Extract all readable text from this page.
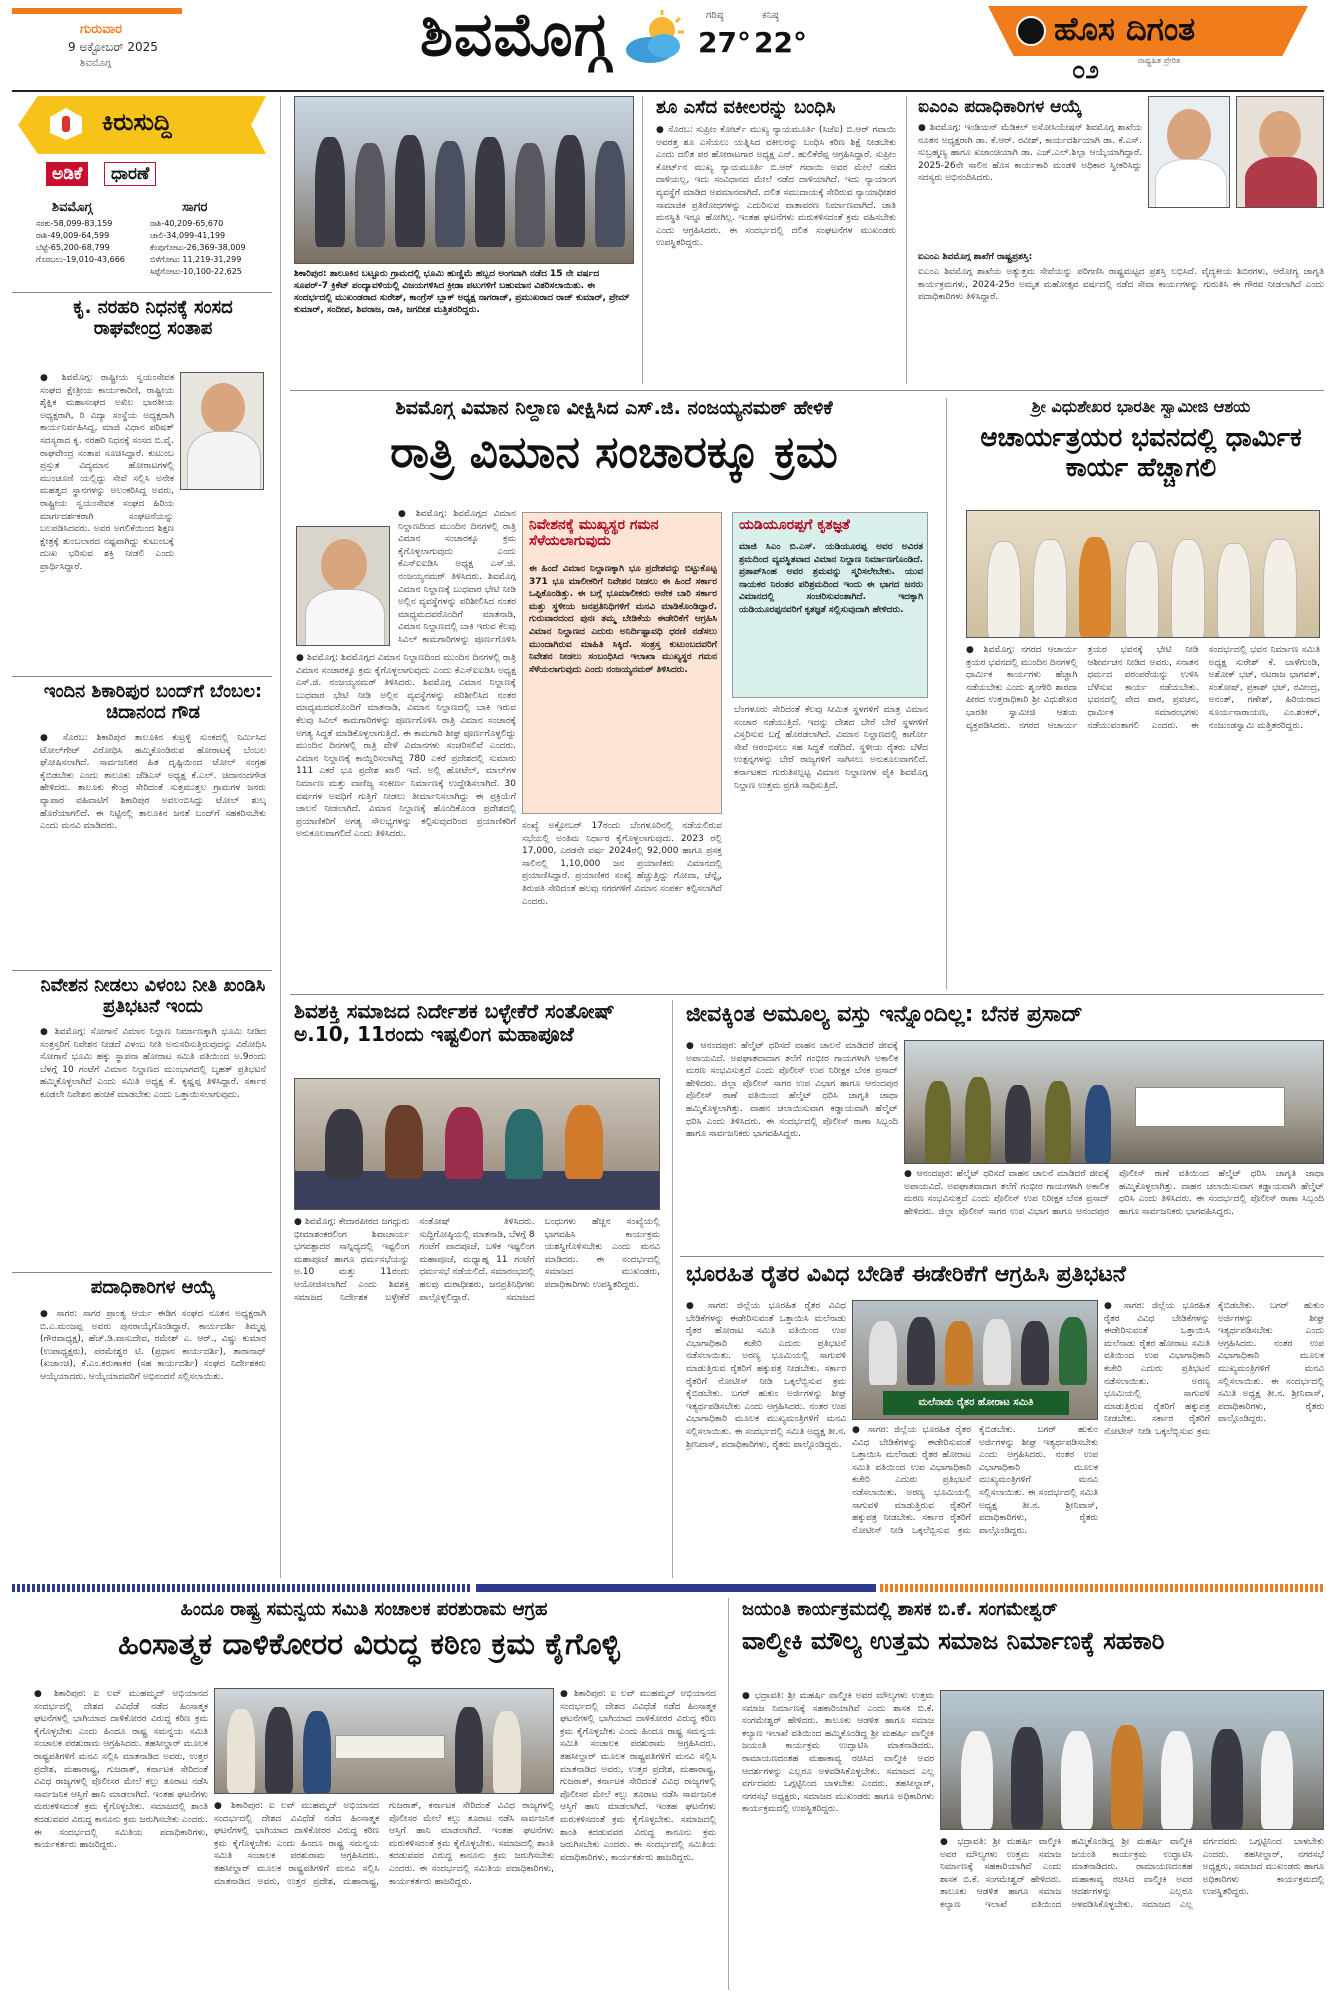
ಗುರುವಾರ
9 ಅಕ್ಟೋಬರ್ 2025
ಶಿವಮೊಗ್ಗ	ಶಿವಮೊಗ್ಗ	ಗರಿಷ್ಠ
27°
ಕನಿಷ್ಠ
22°	ಹೊಸ ದಿಗಂತ
ರಾಷ್ಟ್ರಹಿತ ಪ್ರೇರಿತ
೦೨
ಕಿರುಸುದ್ದಿ
ಅಡಿಕೆ	ಧಾರಣೆ
ಶಿವಮೊಗ್ಗ	ಸಾಗರ
ಸರಕು-58,099-83,159
ರಾಶಿ-49,009-64,599
ಬೆಟ್ಟೆ-65,200-68,799
ಗೊರಬಲು-19,010-43,666
ರಾಶಿ-40,209-65,670
ಚಾಲಿ-34,099-41,199
ಕೆಂಪುಗೋಟು-26,369-38,009
ಬಿಳೆಗೋಟು 11,219-31,299
ಸಿಪ್ಪೆಗೋಟು-10,100-22,625
ಕೃ. ನರಹರಿ ನಿಧನಕ್ಕೆ ಸಂಸದ ರಾಘವೇಂದ್ರ ಸಂತಾಪ
● ಶಿವಮೊಗ್ಗ: ರಾಷ್ಟ್ರೀಯ ಸ್ವಯಂಸೇವಕ ಸಂಘದ ಕ್ಷೇತ್ರೀಯ ಕಾರ್ಯಕಾರಿಣಿ, ರಾಷ್ಟ್ರೀಯ ಶೈಕ್ಷಿಕ ಮಹಾಸಂಘದ ಅಖಿಲ ಭಾರತೀಯ ಅಧ್ಯಕ್ಷರಾಗಿ, ರಿ ವಿದ್ಯಾ ಸಂಸ್ಥೆಯ ಅಧ್ಯಕ್ಷರಾಗಿ ಕಾರ್ಯನಿರ್ವಹಿಸಿದ್ದ, ಮಾಜಿ ವಿಧಾನ ಪರಿಷತ್ ಸದಸ್ಯರಾದ ಕೃ. ನರಹರಿ ನಿಧನಕ್ಕೆ ಸಂಸದ ಬಿ.ವೈ. ರಾಘವೇಂದ್ರ ಸಂತಾಪ ಸೂಚಿಸಿದ್ದಾರೆ. ಕುಟುಂಬ ಪ್ರಸ್ತುತ ವಿದ್ಯಮಾನ ಹೋರಾಟಗಳಲ್ಲಿ ಮುಂಚೂಣಿ ಯಲ್ಲಿದ್ದು ಸೇವೆ ಸಲ್ಲಿಸಿ ಅನೇಕ ಮಹತ್ವದ ಸ್ಥಾನಗಳನ್ನು ಅಲಂಕರಿಸಿದ್ದ ಅವರು, ರಾಷ್ಟ್ರೀಯ ಸ್ವಯಂಸೇವಕ ಸಂಘದ ಹಿರಿಯ ಮಾರ್ಗದರ್ಶಕರಾಗಿ ಸಂಘಟನೆಯನ್ನು ಬಲಪಡಿಸಿದವರು. ಅವರ ಅಗಲಿಕೆಯಿಂದ ಶಿಕ್ಷಣ ಕ್ಷೇತ್ರಕ್ಕೆ ತುಂಬಲಾರದ ನಷ್ಟವಾಗಿದ್ದು ಕುಟುಂಬಕ್ಕೆ ದುಃಖ ಭರಿಸುವ ಶಕ್ತಿ ನೀಡಲಿ ಎಂದು ಪ್ರಾರ್ಥಿಸಿದ್ದಾರೆ.
ಇಂದಿನ ಶಿಕಾರಿಪುರ ಬಂದ್‌ಗೆ ಬೆಂಬಲ: ಚಿದಾನಂದ ಗೌಡ
● ಸೊರಬ: ಶಿಕಾರಿಪುರ ತಾಲೂಕಿನ ಕುಟ್ರಳ್ಳಿ ಸುಂಕದಲ್ಲಿ ನಿರ್ಮಿಸಿದ ಟೋಲ್‌ಗೇಟ್ ವಿರೋಧಿಸಿ ಹಮ್ಮಿಕೊಂಡಿರುವ ಹೋರಾಟಕ್ಕೆ ಬೆಂಬಲ ಘೋಷಿಸಲಾಗಿದೆ. ಸಾರ್ವಜನಿಕರ ಹಿತ ದೃಷ್ಟಿಯಿಂದ ಟೋಲ್ ಸಂಗ್ರಹ ಕೈಬಿಡಬೇಕು ಎಂದು ತಾಲೂಕು ಜೆಡಿಎಸ್ ಅಧ್ಯಕ್ಷ ಕೆ.ಎಲ್. ಚಿದಾನಂದಗೌಡ ಹೇಳಿದರು. ತಾಲೂಕು ಕೇಂದ್ರ ಸೇರಿದಂತೆ ಸುತ್ತಮುತ್ತಲ ಗ್ರಾಮಗಳ ಜನರು ವ್ಯಾಪಾರ ವಹಿವಾಟಿಗೆ ಶಿಕಾರಿಪುರ ಅವಲಂಬಿಸಿದ್ದು ಟೋಲ್ ಶುಲ್ಕ ಹೊರೆಯಾಗಲಿದೆ. ಈ ನಿಟ್ಟಿನಲ್ಲಿ ತಾಲೂಕಿನ ಜನತೆ ಬಂದ್‌ಗೆ ಸಹಕರಿಸಬೇಕು ಎಂದು ಮನವಿ ಮಾಡಿದರು.
ನಿವೇಶನ ನೀಡಲು ವಿಳಂಬ ನೀತಿ ಖಂಡಿಸಿ ಪ್ರತಿಭಟನೆ ಇಂದು
● ಶಿವಮೊಗ್ಗ: ಸೋಗಾನೆ ವಿಮಾನ ನಿಲ್ದಾಣ ನಿರ್ಮಾಣಕ್ಕಾಗಿ ಭೂಮಿ ನೀಡಿದ ಸಂತ್ರಸ್ತರಿಗೆ ನಿವೇಶನ ನೀಡದೆ ವಿಳಂಬ ನೀತಿ ಅನುಸರಿಸುತ್ತಿರುವುದನ್ನು ವಿರೋಧಿಸಿ ಸೋಗಾನೆ ಭೂಮಿ ಹಕ್ಕು ಸ್ಥಾಪನಾ ಹೋರಾಟ ಸಮಿತಿ ವತಿಯಿಂದ ಅ.9ರಂದು ಬೆಳಗ್ಗೆ 10 ಗಂಟೆಗೆ ವಿಮಾನ ನಿಲ್ದಾಣದ ಮುಂಭಾಗದಲ್ಲಿ ಬೃಹತ್ ಪ್ರತಿಭಟನೆ ಹಮ್ಮಿಕೊಳ್ಳಲಾಗಿದೆ ಎಂದು ಸಮಿತಿ ಅಧ್ಯಕ್ಷ ಕೆ. ಕೃಷ್ಣಪ್ಪ ತಿಳಿಸಿದ್ದಾರೆ. ಸರ್ಕಾರ ಕೂಡಲೇ ನಿವೇಶನ ಹಂಚಿಕೆ ಮಾಡಬೇಕು ಎಂದು ಒತ್ತಾಯಿಸಲಾಗುವುದು.
ಪದಾಧಿಕಾರಿಗಳ ಆಯ್ಕೆ
● ಸಾಗರ: ಸಾಗರ ಪ್ರಾಂತ್ಯ ಆರ್ಯ ಈಡಿಗ ಸಂಘದ ನೂತನ ಅಧ್ಯಕ್ಷರಾಗಿ ಬಿ.ಎ.ಮಂಜಪ್ಪ ಅವರು ಪುನರಾಯ್ಕೆಗೊಂಡಿದ್ದಾರೆ. ಕಾರ್ಯದರ್ಶಿ ತಿಮ್ಮಪ್ಪ (ಗೌರವಾಧ್ಯಕ್ಷ), ಹೆಚ್.ಡಿ.ವಾಸುದೇವ, ರಮೇಶ್ ಎ. ಆರ್., ವಿಷ್ಣು ಕುಮಾರ (ಉಪಾಧ್ಯಕ್ಷರು), ಪರಮೇಶ್ವರ ಟಿ. (ಪ್ರಧಾನ ಕಾರ್ಯದರ್ಶಿ), ತಾರಾನಾಥ್ (ಖಜಾಂಚಿ), ಕೆ.ಎಂ.ಕರುಣಾಕರ (ಸಹ ಕಾರ್ಯದರ್ಶಿ) ಸಂಘದ ನಿರ್ದೇಶಕರು ಆಯ್ಕೆಯಾದರು. ಆಯ್ಕೆಯಾದವರಿಗೆ ಅಭಿನಂದನೆ ಸಲ್ಲಿಸಲಾಯಿತು.
ಶಿಕಾರಿಪುರ: ತಾಲೂಕಿನ ಬಟ್ಟೂರು ಗ್ರಾಮದಲ್ಲಿ ಭೂಮಿ ಹುಣ್ಣಿಮೆ ಹಬ್ಬದ ಅಂಗವಾಗಿ ನಡೆದ 15 ನೇ ವರ್ಷದ ಸೂಪರ್-7 ಕ್ರಿಕೆಟ್ ಪಂದ್ಯಾವಳಿಯಲ್ಲಿ ವಿಜಯಗಳಿಸಿದ ಕ್ರೀಡಾ ಪಟುಗಳಿಗೆ ಬಹುಮಾನ ವಿತರಿಸಲಾಯಿತು. ಈ ಸಂದರ್ಭದಲ್ಲಿ ಮುಖಂಡರಾದ ಸುರೇಶ್, ಕಾಂಗ್ರೆಸ್ ಬ್ಲಾಕ್ ಅಧ್ಯಕ್ಷ ನಾಗರಾಜ್, ಪ್ರಮುಖರಾದ ರಾಜ್ ಕುಮಾರ್, ಪ್ರೇಮ್ ಕುಮಾರ್, ಸಂದೀಪ, ಶಿವರಾಜ, ರಾಕಿ, ಜಗದೀಶ ಮತ್ತಿತರರಿದ್ದರು.
ಶೂ ಎಸೆದ ವಕೀಲರನ್ನು ಬಂಧಿಸಿ
● ಸೊರಬ: ಸುಪ್ರೀಂ ಕೋರ್ಟ್ ಮುಖ್ಯ ನ್ಯಾಯಮೂರ್ತಿ (ಸಿಜೆಐ) ಬಿ.ಆರ್ ಗವಾಯಿ ಅವರತ್ತ ಶೂ ಎಸೆಯಲು ಯತ್ನಿಸಿದ ವಕೀಲರನ್ನು ಬಂಧಿಸಿ ಕಠಿಣ ಶಿಕ್ಷೆ ನೀಡಬೇಕು ಎಂದು ದಲಿತ ಪರ ಹೋರಾಟಗಾರ ಅಧ್ಯಕ್ಷ ಎನ್. ಹುಲಿಕೆರೆಪ್ಪ ಆಗ್ರಹಿಸಿದ್ದಾರೆ. ಸುಪ್ರೀಂ ಕೋರ್ಟ್‌ನ ಮುಖ್ಯ ನ್ಯಾಯಮೂರ್ತಿ ಬಿ.ಆರ್ ಗವಾಯಿ ಅವರ ಮೇಲೆ ನಡೆದ ದಾಳಿಯಲ್ಲ, ಇದು ಸಂವಿಧಾನದ ಮೇಲೆ ನಡೆದ ದಾಳಿಯಾಗಿದೆ. ಇದು ನ್ಯಾಯಾಂಗ ವ್ಯವಸ್ಥೆಗೆ ಮಾಡಿದ ಅವಮಾನವಾಗಿದೆ. ದಲಿತ ಸಮುದಾಯಕ್ಕೆ ಸೇರಿರುವ ನ್ಯಾಯಾಧೀಶರ ಸಾಮಾಜಿಕ ಪ್ರತಿರೋಧಗಳನ್ನು ಎದುರಿಸುವ ವಾತಾವರಣ ನಿರ್ಮಾಣವಾಗಿದೆ. ಜಾತಿ ಮನಸ್ಥಿತಿ ಇನ್ನೂ ಹೋಗಿಲ್ಲ. ಇಂತಹ ಘಟನೆಗಳು ಮರುಕಳಿಸದಂತೆ ಕ್ರಮ ವಹಿಸಬೇಕು ಎಂದು ಆಗ್ರಹಿಸಿದರು. ಈ ಸಂದರ್ಭದಲ್ಲಿ ದಲಿತ ಸಂಘಟನೆಗಳ ಮುಖಂಡರು ಉಪಸ್ಥಿತರಿದ್ದರು.
ಐಎಂಎ ಪದಾಧಿಕಾರಿಗಳ ಆಯ್ಕೆ
● ಶಿವಮೊಗ್ಗ: ಇಂಡಿಯನ್ ಮೆಡಿಕಲ್ ಅಸೋಸಿಯೇಷನ್ ಶಿವಮೊಗ್ಗ ಶಾಖೆಯ ನೂತನ ಅಧ್ಯಕ್ಷರಾಗಿ ಡಾ. ಕೆ.ಆರ್. ರವೀಶ್, ಕಾರ್ಯದರ್ಶಿಯಾಗಿ ಡಾ. ಕೆ.ಎಸ್. ಸುಬ್ರಹ್ಮಣ್ಯ ಹಾಗೂ ಖಜಾಂಚಿಯಾಗಿ ಡಾ. ಎಚ್.ಎಲ್.ಶಿಲ್ಪಾ ಆಯ್ಕೆಯಾಗಿದ್ದಾರೆ. 2025-26ನೇ ಸಾಲಿನ ಹೊಸ ಕಾರ್ಯಕಾರಿ ಮಂಡಳಿ ಅಧಿಕಾರ ಸ್ವೀಕರಿಸಿದ್ದು ಸದಸ್ಯರು ಅಭಿನಂದಿಸಿದರು.
ಐಎಂಎ ಶಿವಮೊಗ್ಗ ಶಾಖೆಗೆ ರಾಷ್ಟ್ರಪ್ರಶಸ್ತಿ:
ಐಎಂಎ ಶಿವಮೊಗ್ಗ ಶಾಖೆಯ ಅತ್ಯುತ್ತಮ ಸೇವೆಯನ್ನು ಪರಿಗಣಿಸಿ ರಾಷ್ಟ್ರಮಟ್ಟದ ಪ್ರಶಸ್ತಿ ಲಭಿಸಿದೆ. ವೈದ್ಯಕೀಯ ಶಿಬಿರಗಳು, ಆರೋಗ್ಯ ಜಾಗೃತಿ ಕಾರ್ಯಕ್ರಮಗಳು, 2024-25ರ ಅಮೃತ ಮಹೋತ್ಸವ ವರ್ಷದಲ್ಲಿ ನಡೆದ ಸೇವಾ ಕಾರ್ಯಗಳನ್ನು ಗುರುತಿಸಿ ಈ ಗೌರವ ನೀಡಲಾಗಿದೆ ಎಂದು ಪದಾಧಿಕಾರಿಗಳು ತಿಳಿಸಿದ್ದಾರೆ.
ಶಿವಮೊಗ್ಗ ವಿಮಾನ ನಿಲ್ದಾಣ ವೀಕ್ಷಿಸಿದ ಎಸ್.ಜಿ. ನಂಜಯ್ಯನಮಠ್ ಹೇಳಿಕೆ
ರಾತ್ರಿ ವಿಮಾನ ಸಂಚಾರಕ್ಕೂ ಕ್ರಮ
● ಶಿವಮೊಗ್ಗ: ಶಿವಮೊಗ್ಗದ ವಿಮಾನ ನಿಲ್ದಾಣದಿಂದ ಮುಂದಿನ ದಿನಗಳಲ್ಲಿ ರಾತ್ರಿ ವಿಮಾನ ಸಂಚಾರಕ್ಕೂ ಕ್ರಮ ಕೈಗೊಳ್ಳಲಾಗುವುದು ಎಂದು ಕೆಎಸ್‌ಐಐಡಿಸಿ ಅಧ್ಯಕ್ಷ ಎಸ್.ಜಿ. ನಂಜಯ್ಯನಮಠ್ ತಿಳಿಸಿದರು. ಶಿವಮೊಗ್ಗ ವಿಮಾನ ನಿಲ್ದಾಣಕ್ಕೆ ಬುಧವಾರ ಭೇಟಿ ನೀಡಿ ಅಲ್ಲಿನ ವ್ಯವಸ್ಥೆಗಳನ್ನು ಪರಿಶೀಲಿಸಿದ ನಂತರ ಮಾಧ್ಯಮದವರೊಂದಿಗೆ ಮಾತನಾಡಿ, ವಿಮಾನ ನಿಲ್ದಾಣದಲ್ಲಿ ಬಾಕಿ ಇರುವ ಕೆಲವು ಸಿವಿಲ್ ಕಾಮಗಾರಿಗಳನ್ನು ಪೂರ್ಣಗೊಳಿಸಿ
● ಶಿವಮೊಗ್ಗ: ಶಿವಮೊಗ್ಗದ ವಿಮಾನ ನಿಲ್ದಾಣದಿಂದ ಮುಂದಿನ ದಿನಗಳಲ್ಲಿ ರಾತ್ರಿ ವಿಮಾನ ಸಂಚಾರಕ್ಕೂ ಕ್ರಮ ಕೈಗೊಳ್ಳಲಾಗುವುದು ಎಂದು ಕೆಎಸ್‌ಐಐಡಿಸಿ ಅಧ್ಯಕ್ಷ ಎಸ್.ಜಿ. ನಂಜಯ್ಯನಮಠ್ ತಿಳಿಸಿದರು. ಶಿವಮೊಗ್ಗ ವಿಮಾನ ನಿಲ್ದಾಣಕ್ಕೆ ಬುಧವಾರ ಭೇಟಿ ನೀಡಿ ಅಲ್ಲಿನ ವ್ಯವಸ್ಥೆಗಳನ್ನು ಪರಿಶೀಲಿಸಿದ ನಂತರ ಮಾಧ್ಯಮದವರೊಂದಿಗೆ ಮಾತನಾಡಿ, ವಿಮಾನ ನಿಲ್ದಾಣದಲ್ಲಿ ಬಾಕಿ ಇರುವ ಕೆಲವು ಸಿವಿಲ್ ಕಾಮಗಾರಿಗಳನ್ನು ಪೂರ್ಣಗೊಳಿಸಿ ರಾತ್ರಿ ವಿಮಾನ ಸಂಚಾರಕ್ಕೆ ಅಗತ್ಯ ಸಿದ್ಧತೆ ಮಾಡಿಕೊಳ್ಳಲಾಗುತ್ತಿದೆ. ಈ ಕಾಮಗಾರಿ ಶೀಘ್ರ ಪೂರ್ಣಗೊಳ್ಳಲಿದ್ದು ಮುಂದಿನ ದಿನಗಳಲ್ಲಿ ರಾತ್ರಿ ವೇಳೆ ವಿಮಾನಗಳು ಸಂಚರಿಸಲಿವೆ ಎಂದರು. ವಿಮಾನ ನಿಲ್ದಾಣಕ್ಕೆ ಕಾಯ್ದಿರಿಸಲಾಗಿದ್ದ 780 ಎಕರೆ ಪ್ರದೇಶದಲ್ಲಿ ಸುಮಾರು 111 ಎಕರೆ ಭೂ ಪ್ರದೇಶ ಖಾಲಿ ಇದೆ. ಅಲ್ಲಿ ಹೋಟೆಲ್, ಮಾಲ್‌ಗಳ ನಿರ್ಮಾಣ ಮತ್ತು ವಾಣಿಜ್ಯ ಸಂಕೀರ್ಣ ನಿರ್ಮಾಣಕ್ಕೆ ಉದ್ದೇಶಿಸಲಾಗಿದೆ. 30 ವರ್ಷಗಳ ಅವಧಿಗೆ ಗುತ್ತಿಗೆ ನೀಡಲು ತೀರ್ಮಾನಿಸಲಾಗಿದ್ದು ಈ ಪ್ರಕ್ರಿಯೆಗೆ ಚಾಲನೆ ನೀಡಲಾಗಿದೆ. ವಿಮಾನ ನಿಲ್ದಾಣಕ್ಕೆ ಹೊಂದಿಕೊಂಡ ಪ್ರದೇಶದಲ್ಲಿ ಪ್ರಯಾಣಿಕರಿಗೆ ಅಗತ್ಯ ಸೌಲಭ್ಯಗಳನ್ನು ಕಲ್ಪಿಸುವುದರಿಂದ ಪ್ರಯಾಣಿಕರಿಗೆ ಅನುಕೂಲವಾಗಲಿದೆ ಎಂದು ತಿಳಿಸಿದರು.
ನಿವೇಶನಕ್ಕೆ ಮುಖ್ಯಸ್ಥರ ಗಮನ ಸೆಳೆಯಲಾಗುವುದು
ಈ ಹಿಂದೆ ವಿಮಾನ ನಿಲ್ದಾಣಕ್ಕಾಗಿ ಭೂ ಪ್ರದೇಶವನ್ನು ಬಿಟ್ಟುಕೊಟ್ಟ 371 ಭೂ ಮಾಲೀಕರಿಗೆ ನಿವೇಶನ ನೀಡಲು ಈ ಹಿಂದೆ ಸರ್ಕಾರ ಒಪ್ಪಿಕೊಂಡಿತ್ತು. ಈ ಬಗ್ಗೆ ಭೂಮಾಲೀಕರು ಅನೇಕ ಬಾರಿ ಸರ್ಕಾರ ಮತ್ತು ಸ್ಥಳೀಯ ಜನಪ್ರತಿನಿಧಿಗಳಿಗೆ ಮನವಿ ಮಾಡಿಕೊಂಡಿದ್ದಾರೆ. ಗುರುವಾರದಂದ ಪುನಃ ತಮ್ಮ ಬೇಡಿಕೆಯ ಈಡೇರಿಕೆಗೆ ಆಗ್ರಹಿಸಿ ವಿಮಾನ ನಿಲ್ದಾಣದ ಎದುರು ಅನಿರ್ದಿಷ್ಟಾವಧಿ ಧರಣಿ ನಡೆಸಲು ಮುಂದಾಗಿರುವ ಮಾಹಿತಿ ಸಿಕ್ಕಿದೆ. ಸಂತ್ರಸ್ತ ಕುಟುಂಬದವರಿಗೆ ನಿವೇಶನ ನೀಡಲು ಸಂಬಂಧಿಸಿದ ಇಲಾಖಾ ಮುಖ್ಯಸ್ಥರ ಗಮನ ಸೆಳೆಯಲಾಗುವುದು ಎಂದು ನಂಜಯ್ಯನಮಠ್ ತಿಳಿಸಿದರು.
ಯಡಿಯೂರಪ್ಪಗೆ ಕೃತಜ್ಞತೆ
ಮಾಜಿ ಸಿಎಂ ಬಿ.ಎಸ್. ಯಡಿಯೂರಪ್ಪ ಅವರ ಅವಿರತ ಶ್ರಮದಿಂದ ವ್ಯವಸ್ಥಿತವಾದ ವಿಮಾನ ನಿಲ್ದಾಣ ನಿರ್ಮಾಣಗೊಂಡಿದೆ. ಪ್ರತಾಪ್‌ಸಿಂಹ ಅವರ ಶ್ರಮವನ್ನು ಸ್ಮರಿಸಲೇಬೇಕು. ಯುವ ನಾಯಕರ ನಿರಂತರ ಪರಿಶ್ರಮದಿಂದ ಇಂದು ಈ ಭಾಗದ ಜನರು ವಿಮಾನದಲ್ಲಿ ಸಂಚರಿಸುವಂತಾಗಿದೆ. ಇದಕ್ಕಾಗಿ ಯಡಿಯೂರಪ್ಪನವರಿಗೆ ಕೃತಜ್ಞತೆ ಸಲ್ಲಿಸುವುದಾಗಿ ಹೇಳಿದರು.
ಬೆಂಗಳೂರು ಸೇರಿದಂತೆ ಕೆಲವು ಸೀಮಿತ ಸ್ಥಳಗಳಿಗೆ ಮಾತ್ರ ವಿಮಾನ ಸಂಚಾರ ನಡೆಯುತ್ತಿದೆ. ಇದನ್ನು ದೇಶದ ಬೇರೆ ಬೇರೆ ಸ್ಥಳಗಳಿಗೆ ವಿಸ್ತರಿಸುವ ಬಗ್ಗೆ ಹೊರಡಲಾಗಿದೆ. ವಿಮಾನ ನಿಲ್ದಾಣದಲ್ಲಿ ಕಾರ್ಗೋ ಸೇವೆ ಆರಂಭಿಸಲು ಸಹ ಸಿದ್ಧತೆ ನಡೆದಿದೆ. ಸ್ಥಳೀಯ ರೈತರು ಬೆಳೆದ ಉತ್ಪನ್ನಗಳನ್ನು ಬೇರೆ ರಾಜ್ಯಗಳಿಗೆ ಸಾಗಿಸಲು ಅನುಕೂಲವಾಗಲಿದೆ. ಕರ್ನಾಟಕದ ಗುರುತಿಸಲ್ಪಟ್ಟ ವಿಮಾನ ನಿಲ್ದಾಣಗಳ ಪೈಕಿ ಶಿವಮೊಗ್ಗ ನಿಲ್ದಾಣ ಉತ್ತಮ ಪ್ರಗತಿ ಸಾಧಿಸುತ್ತಿದೆ.
ಸಂಖ್ಯೆ ಅಕ್ಟೋಬರ್ 17ರಂದು ಬೆಂಗಳೂರಿನಲ್ಲಿ ನಡೆಯಲಿರುವ ಸಭೆಯಲ್ಲಿ ಅಂತಿಮ ನಿರ್ಧಾರ ಕೈಗೊಳ್ಳಲಾಗುವುದು. 2023 ರಲ್ಲಿ 17,000, ಎರಡನೇ ವರ್ಷ 2024ರಲ್ಲಿ 92,000 ಹಾಗೂ ಪ್ರಸಕ್ತ ಸಾಲಿನಲ್ಲಿ 1,10,000 ಜನ ಪ್ರಯಾಣಿಕರು ವಿಮಾನದಲ್ಲಿ ಪ್ರಯಾಣಿಸಿದ್ದಾರೆ. ಪ್ರಯಾಣಿಕರ ಸಂಖ್ಯೆ ಹೆಚ್ಚುತ್ತಿದ್ದು ಗೋವಾ, ಚೆನ್ನೈ, ತಿರುಪತಿ ಸೇರಿದಂತೆ ಹಲವು ನಗರಗಳಿಗೆ ವಿಮಾನ ಸಂಪರ್ಕ ಕಲ್ಪಿಸಲಾಗಿದೆ ಎಂದರು.
ಶ್ರೀ ವಿಧುಶೇಖರ ಭಾರತೀ ಸ್ವಾಮೀಜಿ ಆಶಯ
ಆಚಾರ್ಯತ್ರಯರ ಭವನದಲ್ಲಿ ಧಾರ್ಮಿಕ ಕಾರ್ಯ ಹೆಚ್ಚಾಗಲಿ
● ಶಿವಮೊಗ್ಗ: ನಗರದ ಆಚಾರ್ಯ ತ್ರಯರ ಭವನದಲ್ಲಿ ಮುಂದಿನ ದಿನಗಳಲ್ಲಿ ಧಾರ್ಮಿಕ ಕಾರ್ಯಗಳು ಹೆಚ್ಚಾಗಿ ನಡೆಯಬೇಕು ಎಂದು ಶೃಂಗೇರಿ ಶಾರದಾ ಪೀಠದ ಉತ್ತರಾಧಿಕಾರಿ ಶ್ರೀ ವಿಧುಶೇಖರ ಭಾರತೀ ಸ್ವಾಮೀಜಿ ಆಶಯ ವ್ಯಕ್ತಪಡಿಸಿದರು. ನಗರದ ಆಚಾರ್ಯ ತ್ರಯರ ಭವನಕ್ಕೆ ಭೇಟಿ ನೀಡಿ ಆಶೀರ್ವಚನ ನೀಡಿದ ಅವರು, ಸನಾತನ ಧರ್ಮದ ಪರಂಪರೆಯನ್ನು ಉಳಿಸಿ ಬೆಳೆಸುವ ಕಾರ್ಯ ನಡೆಯಬೇಕು. ಭವನದಲ್ಲಿ ವೇದ ಪಾಠ, ಪ್ರವಚನ, ಧಾರ್ಮಿಕ ಸಮಾರಂಭಗಳು ನಡೆಯುವಂತಾಗಲಿ ಎಂದರು. ಈ ಸಂದರ್ಭದಲ್ಲಿ ಭವನ ನಿರ್ಮಾಣ ಸಮಿತಿ ಅಧ್ಯಕ್ಷ ಸುರೇಶ್ ಕೆ. ಬಾಳೆಗುಂಡಿ, ಅಶೋಕ್ ಭಟ್, ನಟರಾಜ ಭಾಗವತ್, ಸಂತೋಷ್, ಪ್ರಕಾಶ್ ಭಟ್, ರವೀಂದ್ರ, ಅನಂತ್, ಗಣೇಶ್, ಹಿರಿಯರಾದ ಸೂರ್ಯನಾರಾಯಣ, ಎಂ.ಶಂಕರ್, ನಂಜುಂಡಸ್ವಾಮಿ ಮತ್ತಿತರರಿದ್ದರು.
ಶಿವಶಕ್ತಿ ಸಮಾಜದ ನಿರ್ದೇಶಕ ಬಳ್ಳೇಕೆರೆ ಸಂತೋಷ್ ಅ.10, 11ರಂದು ಇಷ್ಟಲಿಂಗ ಮಹಾಪೂಜೆ
● ಶಿವಮೊಗ್ಗ: ಕೇದಾರಪೀಠದ ಜಗದ್ಗುರು ಭೀಮಾಶಂಕರಲಿಂಗ ಶಿವಾಚಾರ್ಯ ಭಗವತ್ಪಾದರ ಸಾನ್ನಿಧ್ಯದಲ್ಲಿ ಇಷ್ಟಲಿಂಗ ಮಹಾಪೂಜೆ ಹಾಗೂ ಧರ್ಮಸಭೆಯನ್ನು ಅ.10 ಮತ್ತು 11ರಂದು ಆಯೋಜಿಸಲಾಗಿದೆ ಎಂದು ಶಿವಶಕ್ತಿ ಸಮಾಜದ ನಿರ್ದೇಶಕ ಬಳ್ಳೇಕೆರೆ ಸಂತೋಷ್ ತಿಳಿಸಿದರು. ಸುದ್ದಿಗೋಷ್ಠಿಯಲ್ಲಿ ಮಾತನಾಡಿ, ಬೆಳಗ್ಗೆ 8 ಗಂಟೆಗೆ ಪಾದಪೂಜೆ, ಬಳಿಕ ಇಷ್ಟಲಿಂಗ ಮಹಾಪೂಜೆ, ಮಧ್ಯಾಹ್ನ 11 ಗಂಟೆಗೆ ಧರ್ಮಸಭೆ ನಡೆಯಲಿದೆ. ಸಮಾರಂಭದಲ್ಲಿ ಹಲವು ಮಠಾಧೀಶರು, ಜನಪ್ರತಿನಿಧಿಗಳು ಪಾಲ್ಗೊಳ್ಳಲಿದ್ದಾರೆ. ಸಮಾಜದ ಬಂಧುಗಳು ಹೆಚ್ಚಿನ ಸಂಖ್ಯೆಯಲ್ಲಿ ಭಾಗವಹಿಸಿ ಕಾರ್ಯಕ್ರಮ ಯಶಸ್ವಿಗೊಳಿಸಬೇಕು ಎಂದು ಮನವಿ ಮಾಡಿದರು. ಈ ಸಂದರ್ಭದಲ್ಲಿ ಸಮಾಜದ ಮುಖಂಡರು, ಪದಾಧಿಕಾರಿಗಳು ಉಪಸ್ಥಿತರಿದ್ದರು.
ಜೀವಕ್ಕಿಂತ ಅಮೂಲ್ಯ ವಸ್ತು ಇನ್ನೊಂದಿಲ್ಲ: ಬೆನಕ ಪ್ರಸಾದ್
● ಆನಂದಪುರ: ಹೆಲ್ಮೆಟ್ ಧರಿಸದೆ ವಾಹನ ಚಾಲನೆ ಮಾಡಿದರೆ ಜೀವಕ್ಕೆ ಅಪಾಯವಿದೆ. ಅಪಘಾತವಾದಾಗ ತಲೆಗೆ ಗಂಭೀರ ಗಾಯಗಳಾಗಿ ಅಕಾಲಿಕ ಮರಣ ಸಂಭವಿಸುತ್ತದೆ ಎಂದು ಪೊಲೀಸ್ ಉಪ ನಿರೀಕ್ಷಕ ಬೆನಕ ಪ್ರಸಾದ್ ಹೇಳಿದರು. ಜಿಲ್ಲಾ ಪೊಲೀಸ್ ಸಾಗರ ಉಪ ವಿಭಾಗ ಹಾಗೂ ಆನಂದಪುರ ಪೊಲೀಸ್ ಠಾಣೆ ವತಿಯಿಂದ ಹೆಲ್ಮೆಟ್ ಧರಿಸಿ ಜಾಗೃತಿ ಜಾಥಾ ಹಮ್ಮಿಕೊಳ್ಳಲಾಗಿತ್ತು. ವಾಹನ ಚಲಾಯಿಸುವಾಗ ಕಡ್ಡಾಯವಾಗಿ ಹೆಲ್ಮೆಟ್ ಧರಿಸಿ ಎಂದು ತಿಳಿಸಿದರು. ಈ ಸಂದರ್ಭದಲ್ಲಿ ಪೊಲೀಸ್ ಠಾಣಾ ಸಿಬ್ಬಂದಿ ಹಾಗೂ ಸಾರ್ವಜನಿಕರು ಭಾಗವಹಿಸಿದ್ದರು.
● ಆನಂದಪುರ: ಹೆಲ್ಮೆಟ್ ಧರಿಸದೆ ವಾಹನ ಚಾಲನೆ ಮಾಡಿದರೆ ಜೀವಕ್ಕೆ ಅಪಾಯವಿದೆ. ಅಪಘಾತವಾದಾಗ ತಲೆಗೆ ಗಂಭೀರ ಗಾಯಗಳಾಗಿ ಅಕಾಲಿಕ ಮರಣ ಸಂಭವಿಸುತ್ತದೆ ಎಂದು ಪೊಲೀಸ್ ಉಪ ನಿರೀಕ್ಷಕ ಬೆನಕ ಪ್ರಸಾದ್ ಹೇಳಿದರು. ಜಿಲ್ಲಾ ಪೊಲೀಸ್ ಸಾಗರ ಉಪ ವಿಭಾಗ ಹಾಗೂ ಆನಂದಪುರ ಪೊಲೀಸ್ ಠಾಣೆ ವತಿಯಿಂದ ಹೆಲ್ಮೆಟ್ ಧರಿಸಿ ಜಾಗೃತಿ ಜಾಥಾ ಹಮ್ಮಿಕೊಳ್ಳಲಾಗಿತ್ತು. ವಾಹನ ಚಲಾಯಿಸುವಾಗ ಕಡ್ಡಾಯವಾಗಿ ಹೆಲ್ಮೆಟ್ ಧರಿಸಿ ಎಂದು ತಿಳಿಸಿದರು. ಈ ಸಂದರ್ಭದಲ್ಲಿ ಪೊಲೀಸ್ ಠಾಣಾ ಸಿಬ್ಬಂದಿ ಹಾಗೂ ಸಾರ್ವಜನಿಕರು ಭಾಗವಹಿಸಿದ್ದರು.
ಭೂರಹಿತ ರೈತರ ವಿವಿಧ ಬೇಡಿಕೆ ಈಡೇರಿಕೆಗೆ ಆಗ್ರಹಿಸಿ ಪ್ರತಿಭಟನೆ
ಮಲೆನಾಡು ರೈತರ ಹೋರಾಟ ಸಮಿತಿ
● ಸಾಗರ: ಜಿಲ್ಲೆಯ ಭೂರಹಿತ ರೈತರ ವಿವಿಧ ಬೇಡಿಕೆಗಳನ್ನು ಈಡೇರಿಸುವಂತೆ ಒತ್ತಾಯಿಸಿ ಮಲೆನಾಡು ರೈತರ ಹೋರಾಟ ಸಮಿತಿ ವತಿಯಿಂದ ಉಪ ವಿಭಾಗಾಧಿಕಾರಿ ಕಚೇರಿ ಎದುರು ಪ್ರತಿಭಟನೆ ನಡೆಸಲಾಯಿತು. ಅರಣ್ಯ ಭೂಮಿಯಲ್ಲಿ ಸಾಗುವಳಿ ಮಾಡುತ್ತಿರುವ ರೈತರಿಗೆ ಹಕ್ಕುಪತ್ರ ನೀಡಬೇಕು. ಸರ್ಕಾರ ರೈತರಿಗೆ ನೋಟೀಸ್ ನೀಡಿ ಒಕ್ಕಲೆಬ್ಬಿಸುವ ಕ್ರಮ ಕೈಬಿಡಬೇಕು. ಬಗರ್ ಹುಕುಂ ಅರ್ಜಿಗಳನ್ನು ಶೀಘ್ರ ಇತ್ಯರ್ಥಪಡಿಸಬೇಕು ಎಂದು ಆಗ್ರಹಿಸಿದರು. ನಂತರ ಉಪ ವಿಭಾಗಾಧಿಕಾರಿ ಮೂಲಕ ಮುಖ್ಯಮಂತ್ರಿಗಳಿಗೆ ಮನವಿ ಸಲ್ಲಿಸಲಾಯಿತು. ಈ ಸಂದರ್ಭದಲ್ಲಿ ಸಮಿತಿ ಅಧ್ಯಕ್ಷ ತೀ.ನ. ಶ್ರೀನಿವಾಸ್, ಪದಾಧಿಕಾರಿಗಳು, ರೈತರು ಪಾಲ್ಗೊಂಡಿದ್ದರು.
● ಸಾಗರ: ಜಿಲ್ಲೆಯ ಭೂರಹಿತ ರೈತರ ವಿವಿಧ ಬೇಡಿಕೆಗಳನ್ನು ಈಡೇರಿಸುವಂತೆ ಒತ್ತಾಯಿಸಿ ಮಲೆನಾಡು ರೈತರ ಹೋರಾಟ ಸಮಿತಿ ವತಿಯಿಂದ ಉಪ ವಿಭಾಗಾಧಿಕಾರಿ ಕಚೇರಿ ಎದುರು ಪ್ರತಿಭಟನೆ ನಡೆಸಲಾಯಿತು. ಅರಣ್ಯ ಭೂಮಿಯಲ್ಲಿ ಸಾಗುವಳಿ ಮಾಡುತ್ತಿರುವ ರೈತರಿಗೆ ಹಕ್ಕುಪತ್ರ ನೀಡಬೇಕು. ಸರ್ಕಾರ ರೈತರಿಗೆ ನೋಟೀಸ್ ನೀಡಿ ಒಕ್ಕಲೆಬ್ಬಿಸುವ ಕ್ರಮ ಕೈಬಿಡಬೇಕು. ಬಗರ್ ಹುಕುಂ ಅರ್ಜಿಗಳನ್ನು ಶೀಘ್ರ ಇತ್ಯರ್ಥಪಡಿಸಬೇಕು ಎಂದು ಆಗ್ರಹಿಸಿದರು. ನಂತರ ಉಪ ವಿಭಾಗಾಧಿಕಾರಿ ಮೂಲಕ ಮುಖ್ಯಮಂತ್ರಿಗಳಿಗೆ ಮನವಿ ಸಲ್ಲಿಸಲಾಯಿತು. ಈ ಸಂದರ್ಭದಲ್ಲಿ ಸಮಿತಿ ಅಧ್ಯಕ್ಷ ತೀ.ನ. ಶ್ರೀನಿವಾಸ್, ಪದಾಧಿಕಾರಿಗಳು, ರೈತರು ಪಾಲ್ಗೊಂಡಿದ್ದರು.
● ಸಾಗರ: ಜಿಲ್ಲೆಯ ಭೂರಹಿತ ರೈತರ ವಿವಿಧ ಬೇಡಿಕೆಗಳನ್ನು ಈಡೇರಿಸುವಂತೆ ಒತ್ತಾಯಿಸಿ ಮಲೆನಾಡು ರೈತರ ಹೋರಾಟ ಸಮಿತಿ ವತಿಯಿಂದ ಉಪ ವಿಭಾಗಾಧಿಕಾರಿ ಕಚೇರಿ ಎದುರು ಪ್ರತಿಭಟನೆ ನಡೆಸಲಾಯಿತು. ಅರಣ್ಯ ಭೂಮಿಯಲ್ಲಿ ಸಾಗುವಳಿ ಮಾಡುತ್ತಿರುವ ರೈತರಿಗೆ ಹಕ್ಕುಪತ್ರ ನೀಡಬೇಕು. ಸರ್ಕಾರ ರೈತರಿಗೆ ನೋಟೀಸ್ ನೀಡಿ ಒಕ್ಕಲೆಬ್ಬಿಸುವ ಕ್ರಮ ಕೈಬಿಡಬೇಕು. ಬಗರ್ ಹುಕುಂ ಅರ್ಜಿಗಳನ್ನು ಶೀಘ್ರ ಇತ್ಯರ್ಥಪಡಿಸಬೇಕು ಎಂದು ಆಗ್ರಹಿಸಿದರು. ನಂತರ ಉಪ ವಿಭಾಗಾಧಿಕಾರಿ ಮೂಲಕ ಮುಖ್ಯಮಂತ್ರಿಗಳಿಗೆ ಮನವಿ ಸಲ್ಲಿಸಲಾಯಿತು. ಈ ಸಂದರ್ಭದಲ್ಲಿ ಸಮಿತಿ ಅಧ್ಯಕ್ಷ ತೀ.ನ. ಶ್ರೀನಿವಾಸ್, ಪದಾಧಿಕಾರಿಗಳು, ರೈತರು ಪಾಲ್ಗೊಂಡಿದ್ದರು.
ಹಿಂದೂ ರಾಷ್ಟ್ರ ಸಮನ್ವಯ ಸಮಿತಿ ಸಂಚಾಲಕ ಪರಶುರಾಮ ಆಗ್ರಹ
ಹಿಂಸಾತ್ಮಕ ದಾಳಿಕೋರರ ವಿರುದ್ಧ ಕಠಿಣ ಕ್ರಮ ಕೈಗೊಳ್ಳಿ
● ಶಿಕಾರಿಪುರ: ಐ ಲವ್ ಮುಹಮ್ಮದ್ ಅಭಿಯಾನದ ಸಂದರ್ಭದಲ್ಲಿ ದೇಶದ ವಿವಿಧೆಡೆ ನಡೆದ ಹಿಂಸಾತ್ಮಕ ಘಟನೆಗಳಲ್ಲಿ ಭಾಗಿಯಾದ ದಾಳಿಕೋರರ ವಿರುದ್ಧ ಕಠಿಣ ಕ್ರಮ ಕೈಗೊಳ್ಳಬೇಕು ಎಂದು ಹಿಂದೂ ರಾಷ್ಟ್ರ ಸಮನ್ವಯ ಸಮಿತಿ ಸಂಚಾಲಕ ಪರಶುರಾಮ ಆಗ್ರಹಿಸಿದರು. ತಹಸೀಲ್ದಾರ್ ಮೂಲಕ ರಾಷ್ಟ್ರಪತಿಗಳಿಗೆ ಮನವಿ ಸಲ್ಲಿಸಿ ಮಾತನಾಡಿದ ಅವರು, ಉತ್ತರ ಪ್ರದೇಶ, ಮಹಾರಾಷ್ಟ್ರ, ಗುಜರಾತ್, ಕರ್ನಾಟಕ ಸೇರಿದಂತೆ ವಿವಿಧ ರಾಜ್ಯಗಳಲ್ಲಿ ಪೊಲೀಸರ ಮೇಲೆ ಕಲ್ಲು ತೂರಾಟ ನಡೆಸಿ ಸಾರ್ವಜನಿಕ ಆಸ್ತಿಗೆ ಹಾನಿ ಮಾಡಲಾಗಿದೆ. ಇಂತಹ ಘಟನೆಗಳು ಮರುಕಳಿಸದಂತೆ ಕ್ರಮ ಕೈಗೊಳ್ಳಬೇಕು. ಸಮಾಜದಲ್ಲಿ ಶಾಂತಿ ಕದಡುವವರ ವಿರುದ್ಧ ಕಾನೂನು ಕ್ರಮ ಜರುಗಿಸಬೇಕು ಎಂದರು. ಈ ಸಂದರ್ಭದಲ್ಲಿ ಸಮಿತಿಯ ಪದಾಧಿಕಾರಿಗಳು, ಕಾರ್ಯಕರ್ತರು ಹಾಜರಿದ್ದರು.
● ಶಿಕಾರಿಪುರ: ಐ ಲವ್ ಮುಹಮ್ಮದ್ ಅಭಿಯಾನದ ಸಂದರ್ಭದಲ್ಲಿ ದೇಶದ ವಿವಿಧೆಡೆ ನಡೆದ ಹಿಂಸಾತ್ಮಕ ಘಟನೆಗಳಲ್ಲಿ ಭಾಗಿಯಾದ ದಾಳಿಕೋರರ ವಿರುದ್ಧ ಕಠಿಣ ಕ್ರಮ ಕೈಗೊಳ್ಳಬೇಕು ಎಂದು ಹಿಂದೂ ರಾಷ್ಟ್ರ ಸಮನ್ವಯ ಸಮಿತಿ ಸಂಚಾಲಕ ಪರಶುರಾಮ ಆಗ್ರಹಿಸಿದರು. ತಹಸೀಲ್ದಾರ್ ಮೂಲಕ ರಾಷ್ಟ್ರಪತಿಗಳಿಗೆ ಮನವಿ ಸಲ್ಲಿಸಿ ಮಾತನಾಡಿದ ಅವರು, ಉತ್ತರ ಪ್ರದೇಶ, ಮಹಾರಾಷ್ಟ್ರ, ಗುಜರಾತ್, ಕರ್ನಾಟಕ ಸೇರಿದಂತೆ ವಿವಿಧ ರಾಜ್ಯಗಳಲ್ಲಿ ಪೊಲೀಸರ ಮೇಲೆ ಕಲ್ಲು ತೂರಾಟ ನಡೆಸಿ ಸಾರ್ವಜನಿಕ ಆಸ್ತಿಗೆ ಹಾನಿ ಮಾಡಲಾಗಿದೆ. ಇಂತಹ ಘಟನೆಗಳು ಮರುಕಳಿಸದಂತೆ ಕ್ರಮ ಕೈಗೊಳ್ಳಬೇಕು. ಸಮಾಜದಲ್ಲಿ ಶಾಂತಿ ಕದಡುವವರ ವಿರುದ್ಧ ಕಾನೂನು ಕ್ರಮ ಜರುಗಿಸಬೇಕು ಎಂದರು. ಈ ಸಂದರ್ಭದಲ್ಲಿ ಸಮಿತಿಯ ಪದಾಧಿಕಾರಿಗಳು, ಕಾರ್ಯಕರ್ತರು ಹಾಜರಿದ್ದರು.
● ಶಿಕಾರಿಪುರ: ಐ ಲವ್ ಮುಹಮ್ಮದ್ ಅಭಿಯಾನದ ಸಂದರ್ಭದಲ್ಲಿ ದೇಶದ ವಿವಿಧೆಡೆ ನಡೆದ ಹಿಂಸಾತ್ಮಕ ಘಟನೆಗಳಲ್ಲಿ ಭಾಗಿಯಾದ ದಾಳಿಕೋರರ ವಿರುದ್ಧ ಕಠಿಣ ಕ್ರಮ ಕೈಗೊಳ್ಳಬೇಕು ಎಂದು ಹಿಂದೂ ರಾಷ್ಟ್ರ ಸಮನ್ವಯ ಸಮಿತಿ ಸಂಚಾಲಕ ಪರಶುರಾಮ ಆಗ್ರಹಿಸಿದರು. ತಹಸೀಲ್ದಾರ್ ಮೂಲಕ ರಾಷ್ಟ್ರಪತಿಗಳಿಗೆ ಮನವಿ ಸಲ್ಲಿಸಿ ಮಾತನಾಡಿದ ಅವರು, ಉತ್ತರ ಪ್ರದೇಶ, ಮಹಾರಾಷ್ಟ್ರ, ಗುಜರಾತ್, ಕರ್ನಾಟಕ ಸೇರಿದಂತೆ ವಿವಿಧ ರಾಜ್ಯಗಳಲ್ಲಿ ಪೊಲೀಸರ ಮೇಲೆ ಕಲ್ಲು ತೂರಾಟ ನಡೆಸಿ ಸಾರ್ವಜನಿಕ ಆಸ್ತಿಗೆ ಹಾನಿ ಮಾಡಲಾಗಿದೆ. ಇಂತಹ ಘಟನೆಗಳು ಮರುಕಳಿಸದಂತೆ ಕ್ರಮ ಕೈಗೊಳ್ಳಬೇಕು. ಸಮಾಜದಲ್ಲಿ ಶಾಂತಿ ಕದಡುವವರ ವಿರುದ್ಧ ಕಾನೂನು ಕ್ರಮ ಜರುಗಿಸಬೇಕು ಎಂದರು. ಈ ಸಂದರ್ಭದಲ್ಲಿ ಸಮಿತಿಯ ಪದಾಧಿಕಾರಿಗಳು, ಕಾರ್ಯಕರ್ತರು ಹಾಜರಿದ್ದರು.
ಜಯಂತಿ ಕಾರ್ಯಕ್ರಮದಲ್ಲಿ ಶಾಸಕ ಬಿ.ಕೆ. ಸಂಗಮೇಶ್ವರ್
ವಾಲ್ಮೀಕಿ ಮೌಲ್ಯ ಉತ್ತಮ ಸಮಾಜ ನಿರ್ಮಾಣಕ್ಕೆ ಸಹಕಾರಿ
● ಭದ್ರಾವತಿ: ಶ್ರೀ ಮಹರ್ಷಿ ವಾಲ್ಮೀಕಿ ಅವರ ಮೌಲ್ಯಗಳು ಉತ್ತಮ ಸಮಾಜ ನಿರ್ಮಾಣಕ್ಕೆ ಸಹಕಾರಿಯಾಗಿವೆ ಎಂದು ಶಾಸಕ ಬಿ.ಕೆ. ಸಂಗಮೇಶ್ವರ್ ಹೇಳಿದರು. ತಾಲೂಕು ಆಡಳಿತ ಹಾಗೂ ಸಮಾಜ ಕಲ್ಯಾಣ ಇಲಾಖೆ ವತಿಯಿಂದ ಹಮ್ಮಿಕೊಂಡಿದ್ದ ಶ್ರೀ ಮಹರ್ಷಿ ವಾಲ್ಮೀಕಿ ಜಯಂತಿ ಕಾರ್ಯಕ್ರಮ ಉದ್ಘಾಟಿಸಿ ಮಾತನಾಡಿದರು. ರಾಮಾಯಣದಂತಹ ಮಹಾಕಾವ್ಯ ರಚಿಸಿದ ವಾಲ್ಮೀಕಿ ಅವರ ಆದರ್ಶಗಳನ್ನು ಎಲ್ಲರೂ ಅಳವಡಿಸಿಕೊಳ್ಳಬೇಕು. ಸಮಾಜದ ಎಲ್ಲ ವರ್ಗದವರು ಒಗ್ಗಟ್ಟಿನಿಂದ ಬಾಳಬೇಕು ಎಂದರು. ತಹಸೀಲ್ದಾರ್, ನಗರಸಭೆ ಅಧ್ಯಕ್ಷರು, ಸಮಾಜದ ಮುಖಂಡರು ಹಾಗೂ ಅಧಿಕಾರಿಗಳು ಕಾರ್ಯಕ್ರಮದಲ್ಲಿ ಉಪಸ್ಥಿತರಿದ್ದರು.
● ಭದ್ರಾವತಿ: ಶ್ರೀ ಮಹರ್ಷಿ ವಾಲ್ಮೀಕಿ ಅವರ ಮೌಲ್ಯಗಳು ಉತ್ತಮ ಸಮಾಜ ನಿರ್ಮಾಣಕ್ಕೆ ಸಹಕಾರಿಯಾಗಿವೆ ಎಂದು ಶಾಸಕ ಬಿ.ಕೆ. ಸಂಗಮೇಶ್ವರ್ ಹೇಳಿದರು. ತಾಲೂಕು ಆಡಳಿತ ಹಾಗೂ ಸಮಾಜ ಕಲ್ಯಾಣ ಇಲಾಖೆ ವತಿಯಿಂದ ಹಮ್ಮಿಕೊಂಡಿದ್ದ ಶ್ರೀ ಮಹರ್ಷಿ ವಾಲ್ಮೀಕಿ ಜಯಂತಿ ಕಾರ್ಯಕ್ರಮ ಉದ್ಘಾಟಿಸಿ ಮಾತನಾಡಿದರು. ರಾಮಾಯಣದಂತಹ ಮಹಾಕಾವ್ಯ ರಚಿಸಿದ ವಾಲ್ಮೀಕಿ ಅವರ ಆದರ್ಶಗಳನ್ನು ಎಲ್ಲರೂ ಅಳವಡಿಸಿಕೊಳ್ಳಬೇಕು. ಸಮಾಜದ ಎಲ್ಲ ವರ್ಗದವರು ಒಗ್ಗಟ್ಟಿನಿಂದ ಬಾಳಬೇಕು ಎಂದರು. ತಹಸೀಲ್ದಾರ್, ನಗರಸಭೆ ಅಧ್ಯಕ್ಷರು, ಸಮಾಜದ ಮುಖಂಡರು ಹಾಗೂ ಅಧಿಕಾರಿಗಳು ಕಾರ್ಯಕ್ರಮದಲ್ಲಿ ಉಪಸ್ಥಿತರಿದ್ದರು.
